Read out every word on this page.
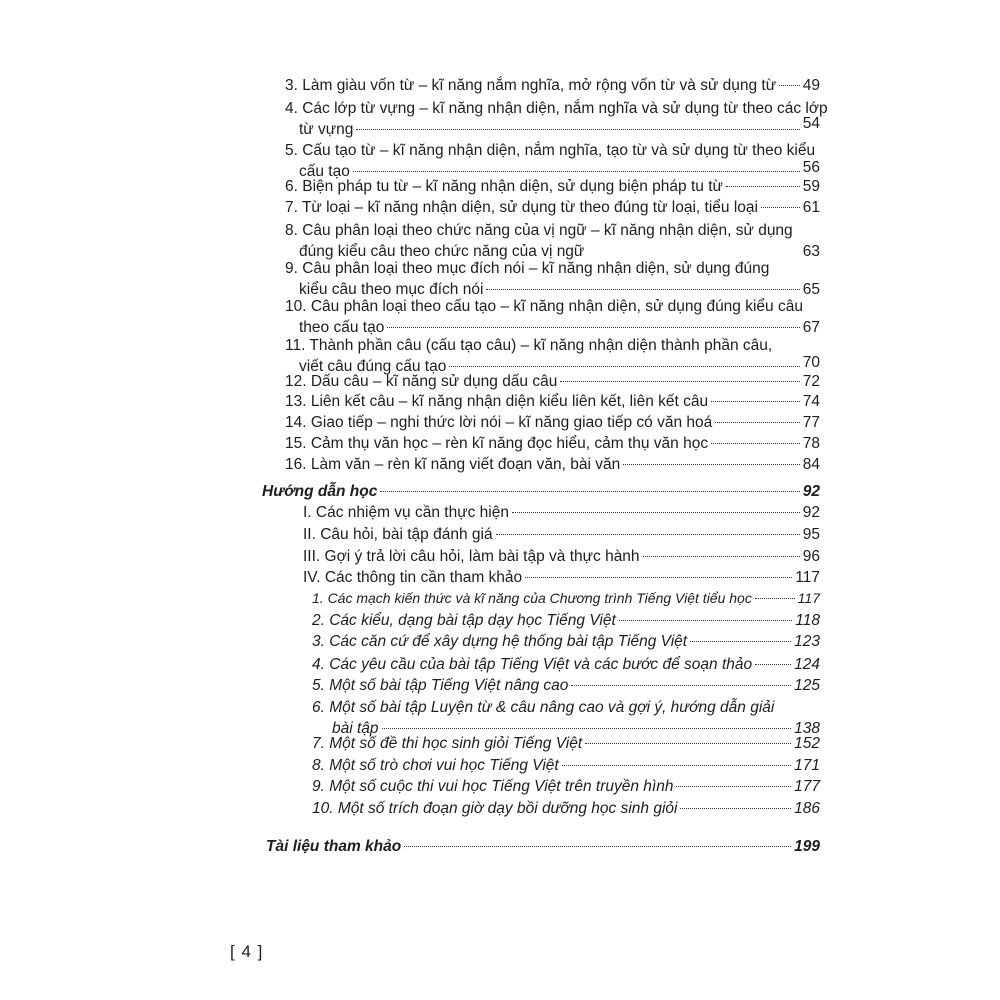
3. Làm giàu vốn từ – kĩ năng nắm nghĩa, mở rộng vốn từ và sử dụng từ 49
4. Các lớp từ vựng – kĩ năng nhận diện, nắm nghĩa và sử dụng từ theo các lớp
từ vựng	54
5. Cấu tạo từ – kĩ năng nhận diện, nắm nghĩa, tạo từ và sử dụng từ theo kiểu
cấu tạo	56
6. Biện pháp tu từ – kĩ năng nhận diện, sử dụng biện pháp tu từ	59
7. Từ loại – kĩ năng nhận diện, sử dụng từ theo đúng từ loại, tiểu loại	61
8. Câu phân loại theo chức năng của vị ngữ – kĩ năng nhận diện, sử dụng
đúng kiểu câu theo chức năng của vị ngữ	63
9. Câu phân loại theo mục đích nói – kĩ năng nhận diện, sử dụng đúng
kiểu câu theo mục đích nói	65
10. Câu phân loại theo cấu tạo – kĩ năng nhận diện, sử dụng đúng kiểu câu
theo cấu tạo	67
11. Thành phần câu (cấu tạo câu) – kĩ năng nhận diện thành phần câu,
viết câu đúng cấu tạo	70
12. Dấu câu – kĩ năng sử dụng dấu câu	72
13. Liên kết câu – kĩ năng nhận diện kiểu liên kết, liên kết câu	74
14. Giao tiếp – nghi thức lời nói – kĩ năng giao tiếp có văn hoá	77
15. Cảm thụ văn học – rèn kĩ năng đọc hiểu, cảm thụ văn học	78
16. Làm văn – rèn kĩ năng viết đoạn văn, bài văn	84
Hướng dẫn học	92
I. Các nhiệm vụ cần thực hiện	92
II. Câu hỏi, bài tập đánh giá	95
III. Gợi ý trả lời câu hỏi, làm bài tập và thực hành	96
IV. Các thông tin cần tham khảo	117
1. Các mạch kiến thức và kĩ năng của Chương trình Tiếng Việt tiểu học	117
2. Các kiểu, dạng bài tập dạy học Tiếng Việt	118
3. Các căn cứ để xây dựng hệ thống bài tập Tiếng Việt	123
4. Các yêu cầu của bài tập Tiếng Việt và các bước để soạn thảo	124
5. Một số bài tập Tiếng Việt nâng cao	125
6. Một số bài tập Luyện từ & câu nâng cao và gợi ý, hướng dẫn giải
bài tập	138
7. Một số đề thi học sinh giỏi Tiếng Việt	152
8. Một số trò chơi vui học Tiếng Việt	171
9. Một số cuộc thi vui học Tiếng Việt trên truyền hình	177
10. Một số trích đoạn giờ dạy bồi dưỡng học sinh giỏi	186
Tài liệu tham khảo	199
[ 4 ]
